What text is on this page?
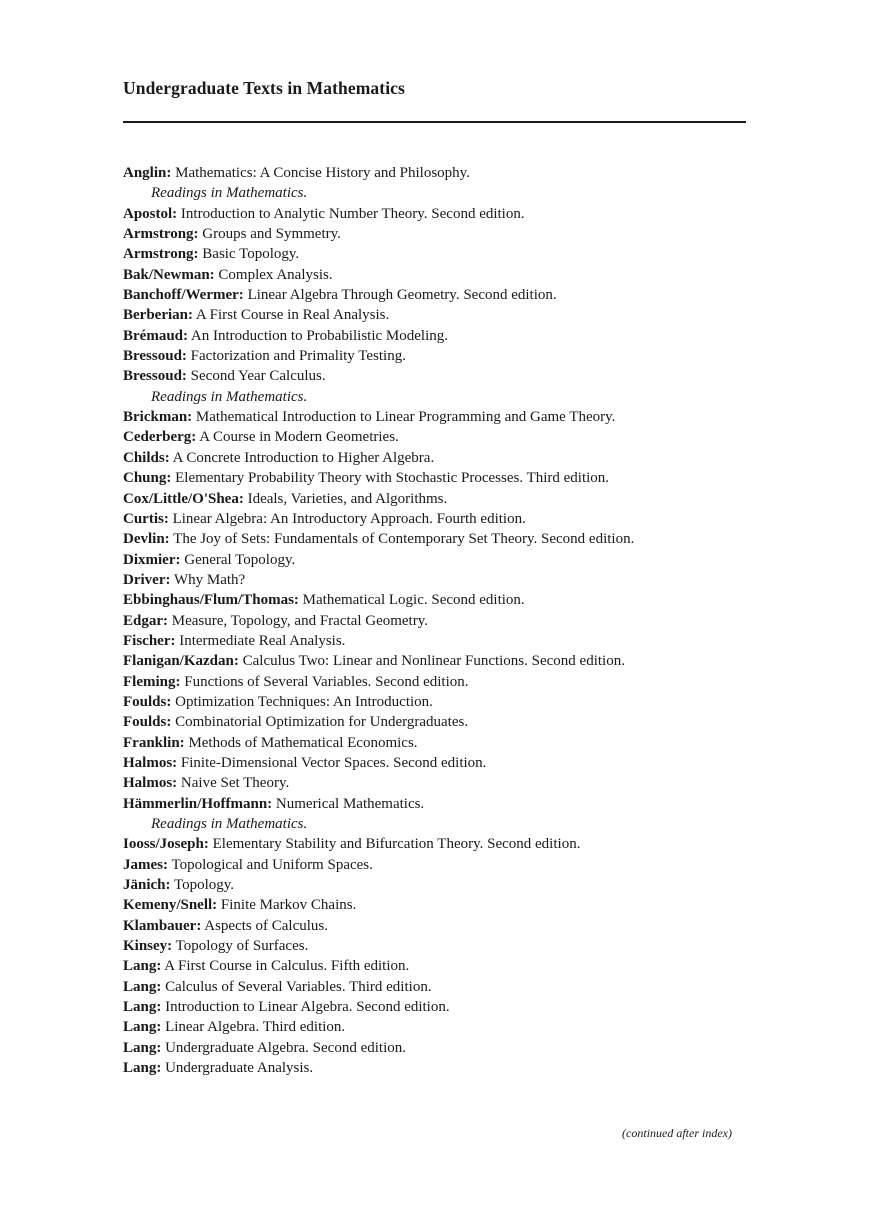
Undergraduate Texts in Mathematics
Anglin: Mathematics: A Concise History and Philosophy.
Readings in Mathematics.
Apostol: Introduction to Analytic Number Theory. Second edition.
Armstrong: Groups and Symmetry.
Armstrong: Basic Topology.
Bak/Newman: Complex Analysis.
Banchoff/Wermer: Linear Algebra Through Geometry. Second edition.
Berberian: A First Course in Real Analysis.
Brémaud: An Introduction to Probabilistic Modeling.
Bressoud: Factorization and Primality Testing.
Bressoud: Second Year Calculus.
Readings in Mathematics.
Brickman: Mathematical Introduction to Linear Programming and Game Theory.
Cederberg: A Course in Modern Geometries.
Childs: A Concrete Introduction to Higher Algebra.
Chung: Elementary Probability Theory with Stochastic Processes. Third edition.
Cox/Little/O'Shea: Ideals, Varieties, and Algorithms.
Curtis: Linear Algebra: An Introductory Approach. Fourth edition.
Devlin: The Joy of Sets: Fundamentals of Contemporary Set Theory. Second edition.
Dixmier: General Topology.
Driver: Why Math?
Ebbinghaus/Flum/Thomas: Mathematical Logic. Second edition.
Edgar: Measure, Topology, and Fractal Geometry.
Fischer: Intermediate Real Analysis.
Flanigan/Kazdan: Calculus Two: Linear and Nonlinear Functions. Second edition.
Fleming: Functions of Several Variables. Second edition.
Foulds: Optimization Techniques: An Introduction.
Foulds: Combinatorial Optimization for Undergraduates.
Franklin: Methods of Mathematical Economics.
Halmos: Finite-Dimensional Vector Spaces. Second edition.
Halmos: Naive Set Theory.
Hämmerlin/Hoffmann: Numerical Mathematics.
Readings in Mathematics.
Iooss/Joseph: Elementary Stability and Bifurcation Theory. Second edition.
James: Topological and Uniform Spaces.
Jänich: Topology.
Kemeny/Snell: Finite Markov Chains.
Klambauer: Aspects of Calculus.
Kinsey: Topology of Surfaces.
Lang: A First Course in Calculus. Fifth edition.
Lang: Calculus of Several Variables. Third edition.
Lang: Introduction to Linear Algebra. Second edition.
Lang: Linear Algebra. Third edition.
Lang: Undergraduate Algebra. Second edition.
Lang: Undergraduate Analysis.
(continued after index)
